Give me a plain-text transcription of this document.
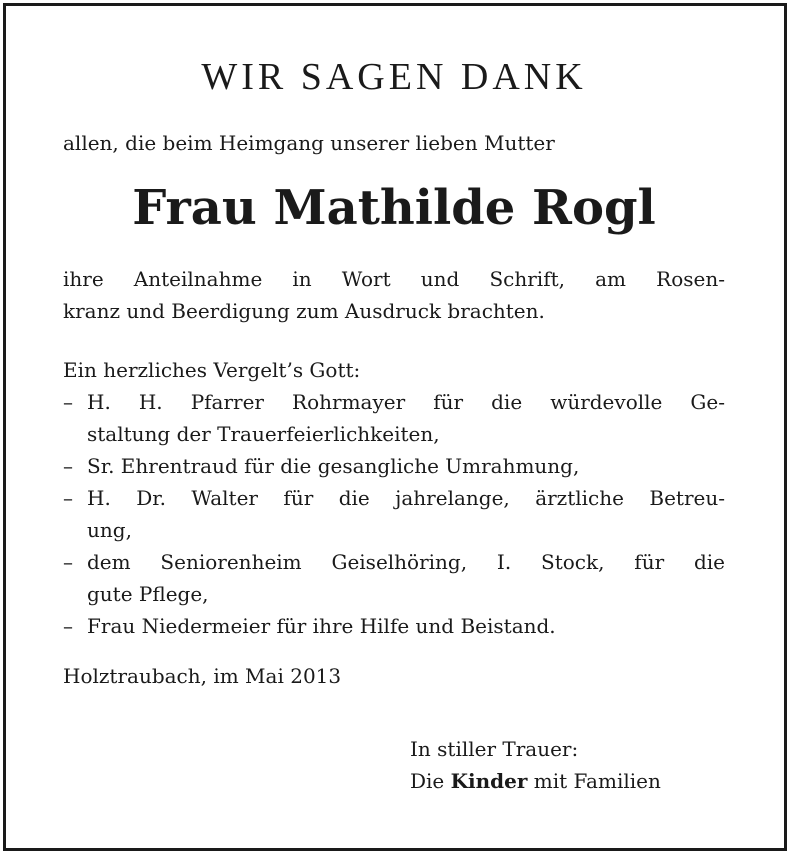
WIR SAGEN DANK
allen, die beim Heimgang unserer lieben Mutter
Frau Mathilde Rogl
ihre Anteilnahme in Wort und Schrift, am Rosen-
kranz und Beerdigung zum Ausdruck brachten.
Ein herzliches Vergelt’s Gott:
– H. H. Pfarrer Rohrmayer für die würdevolle Ge-
staltung der Trauerfeierlichkeiten,
– Sr. Ehrentraud für die gesangliche Umrahmung,
– H. Dr. Walter für die jahrelange, ärztliche Betreu-
ung,
– dem Seniorenheim Geiselhöring, I. Stock, für die
gute Pflege,
– Frau Niedermeier für ihre Hilfe und Beistand.
Holztraubach, im Mai 2013
In stiller Trauer:
Die Kinder mit Familien
